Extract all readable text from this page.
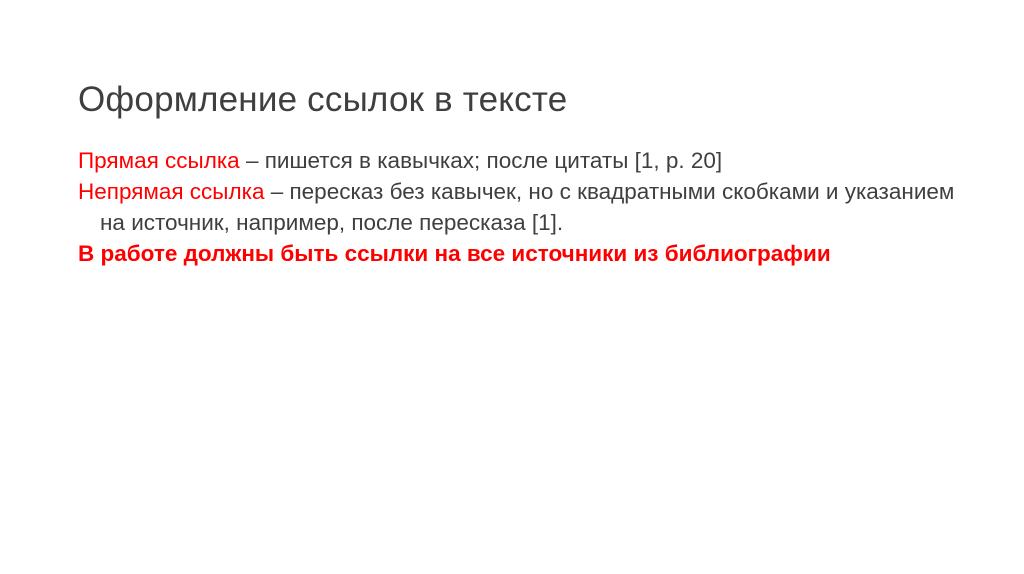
Оформление ссылок в тексте

Прямая ссылка – пишется в кавычках; после цитаты [1, p. 20]

Непрямая ссылка – пересказ без кавычек, но с квадратными скобками и указанием на источник, например, после пересказа [1].

В работе должны быть ссылки на все источники из библиографии
